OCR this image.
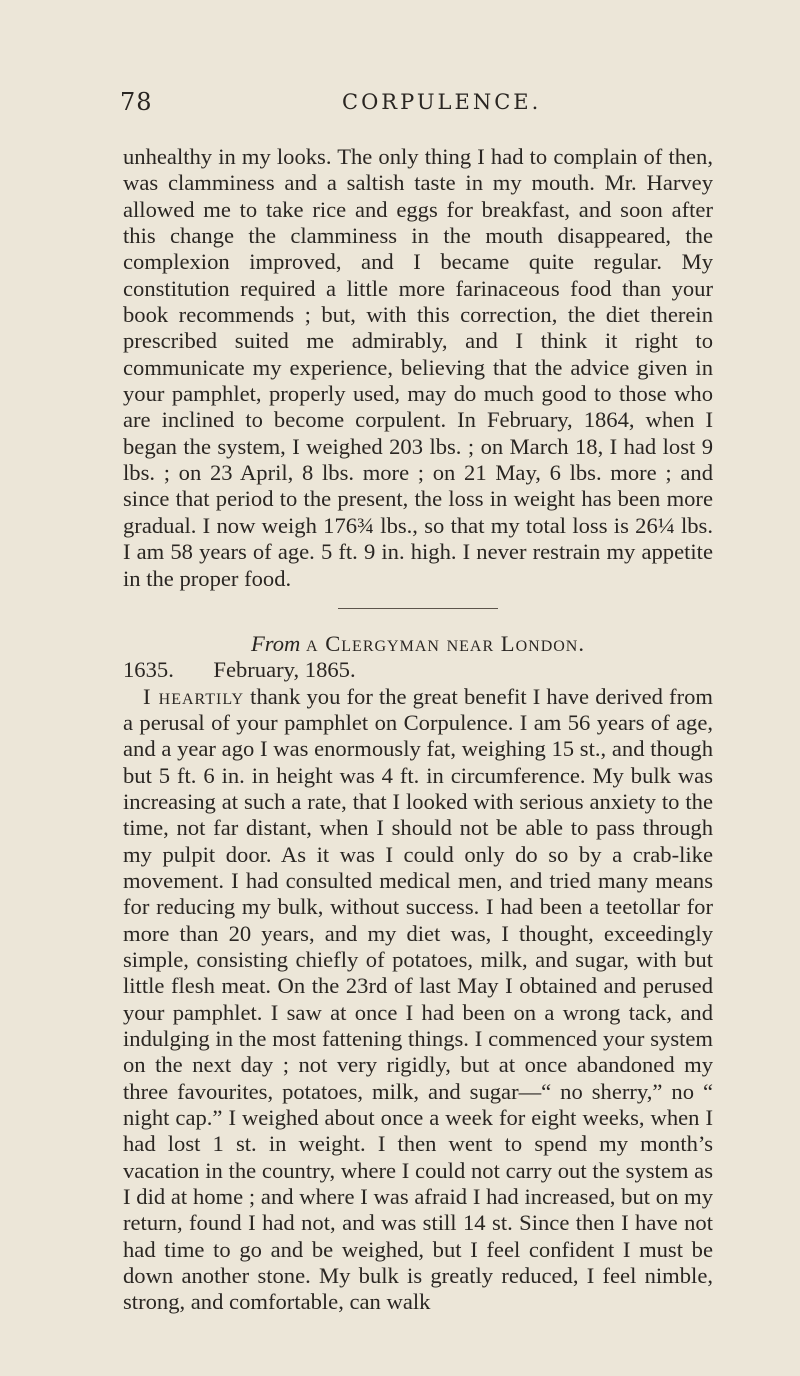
78	CORPULENCE.

unhealthy in my looks. The only thing I had to complain of then, was clamminess and a saltish taste in my mouth. Mr. Harvey allowed me to take rice and eggs for breakfast, and soon after this change the clamminess in the mouth disappeared, the complexion improved, and I became quite regular. My constitution required a little more farinaceous food than your book recommends ; but, with this correction, the diet therein prescribed suited me admirably, and I think it right to communicate my experience, believing that the advice given in your pamphlet, properly used, may do much good to those who are inclined to become corpulent. In February, 1864, when I began the system, I weighed 203 lbs. ; on March 18, I had lost 9 lbs. ; on 23 April, 8 lbs. more ; on 21 May, 6 lbs. more ; and since that period to the present, the loss in weight has been more gradual. I now weigh 176¾ lbs., so that my total loss is 26¼ lbs. I am 58 years of age. 5 ft. 9 in. high. I never restrain my appetite in the proper food.

From a Clergyman near London.

1635. February, 1865.

I heartily thank you for the great benefit I have derived from a perusal of your pamphlet on Corpulence. I am 56 years of age, and a year ago I was enormously fat, weighing 15 st., and though but 5 ft. 6 in. in height was 4 ft. in circumference. My bulk was increasing at such a rate, that I looked with serious anxiety to the time, not far distant, when I should not be able to pass through my pulpit door. As it was I could only do so by a crab-like movement. I had consulted medical men, and tried many means for reducing my bulk, without success. I had been a teetollar for more than 20 years, and my diet was, I thought, exceedingly simple, consisting chiefly of potatoes, milk, and sugar, with but little flesh meat. On the 23rd of last May I obtained and perused your pamphlet. I saw at once I had been on a wrong tack, and indulging in the most fattening things. I commenced your system on the next day ; not very rigidly, but at once abandoned my three favourites, potatoes, milk, and sugar—“ no sherry,” no “ night cap.” I weighed about once a week for eight weeks, when I had lost 1 st. in weight. I then went to spend my month’s vacation in the country, where I could not carry out the system as I did at home ; and where I was afraid I had increased, but on my return, found I had not, and was still 14 st. Since then I have not had time to go and be weighed, but I feel confident I must be down another stone. My bulk is greatly reduced, I feel nimble, strong, and comfortable, can walk
